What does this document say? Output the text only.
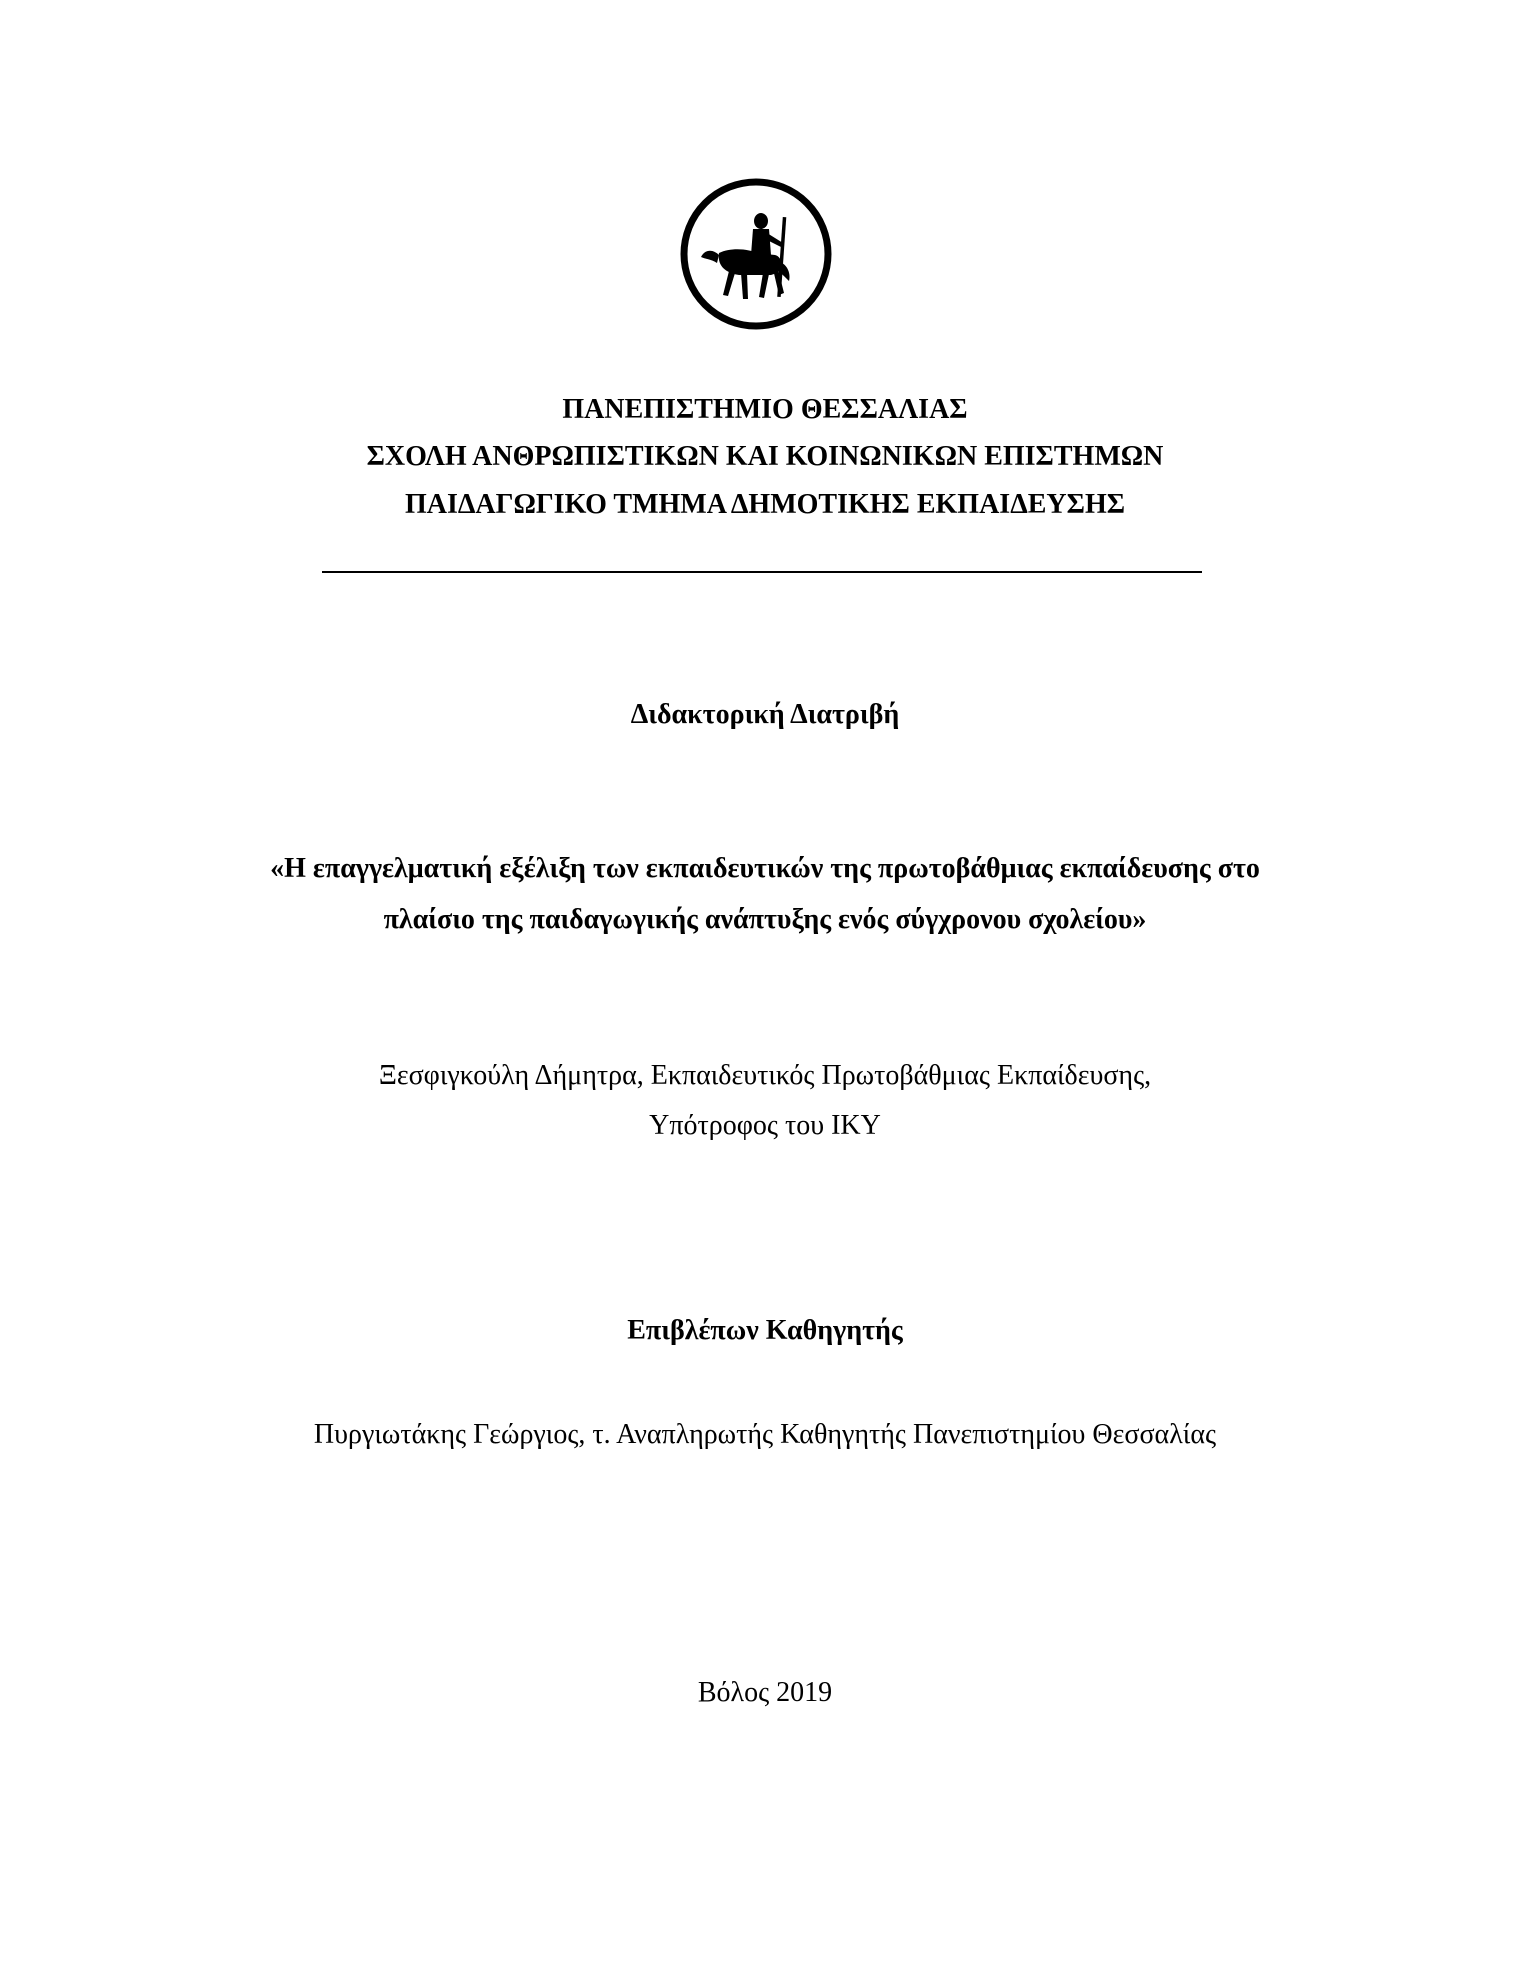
ΠΑΝΕΠΙΣΤΗΜΙΟ ΘΕΣΣΑΛΙΑΣ
ΣΧΟΛΗ ΑΝΘΡΩΠΙΣΤΙΚΩΝ ΚΑΙ ΚΟΙΝΩΝΙΚΩΝ ΕΠΙΣΤΗΜΩΝ
ΠΑΙΔΑΓΩΓΙΚΟ ΤΜΗΜΑ ΔΗΜΟΤΙΚΗΣ ΕΚΠΑΙΔΕΥΣΗΣ
Διδακτορική Διατριβή
«Η επαγγελματική εξέλιξη των εκπαιδευτικών της πρωτοβάθμιας εκπαίδευσης στο
πλαίσιο της παιδαγωγικής ανάπτυξης ενός σύγχρονου σχολείου»
Ξεσφιγκούλη Δήμητρα, Εκπαιδευτικός Πρωτοβάθμιας Εκπαίδευσης,
Υπότροφος του ΙΚΥ
Επιβλέπων Καθηγητής
Πυργιωτάκης Γεώργιος, τ. Αναπληρωτής Καθηγητής Πανεπιστημίου Θεσσαλίας
Βόλος 2019
